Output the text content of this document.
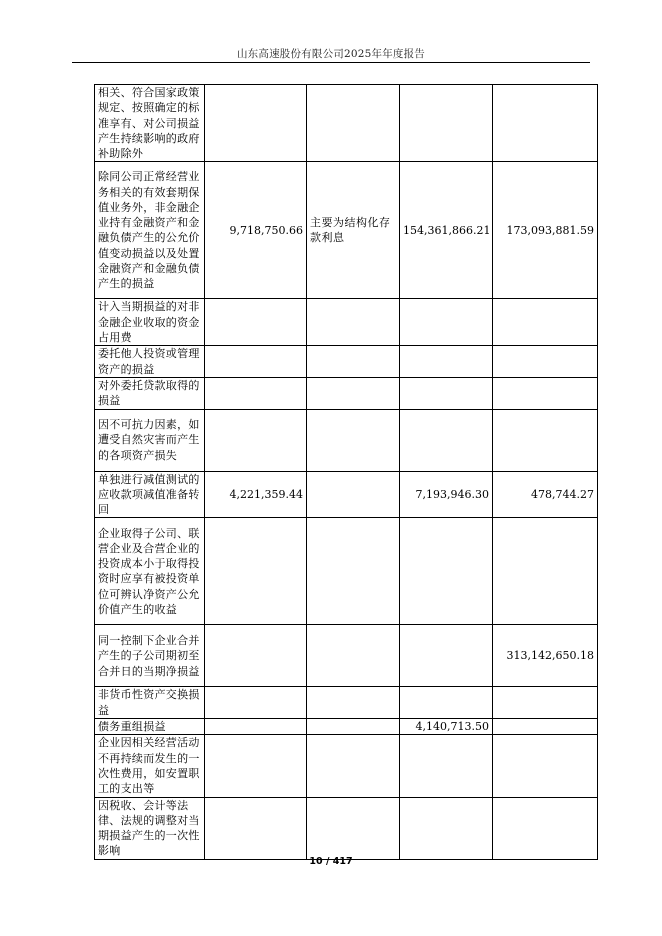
山东高速股份有限公司2025年年度报告
相关、符合国家政策规定、按照确定的标准享有、对公司损益产生持续影响的政府补助除外				
除同公司正常经营业务相关的有效套期保值业务外，非金融企业持有金融资产和金融负债产生的公允价值变动损益以及处置金融资产和金融负债产生的损益	9,718,750.66	主要为结构化存款利息	154,361,866.21	173,093,881.59
计入当期损益的对非金融企业收取的资金占用费				
委托他人投资或管理资产的损益				
对外委托贷款取得的损益				
因不可抗力因素，如遭受自然灾害而产生的各项资产损失				
单独进行减值测试的应收款项减值准备转回	4,221,359.44		7,193,946.30	478,744.27
企业取得子公司、联营企业及合营企业的投资成本小于取得投资时应享有被投资单位可辨认净资产公允价值产生的收益				
同一控制下企业合并产生的子公司期初至合并日的当期净损益				313,142,650.18
非货币性资产交换损益				
债务重组损益			4,140,713.50	
企业因相关经营活动不再持续而发生的一次性费用，如安置职工的支出等				
因税收、会计等法律、法规的调整对当期损益产生的一次性影响				
10 / 417
